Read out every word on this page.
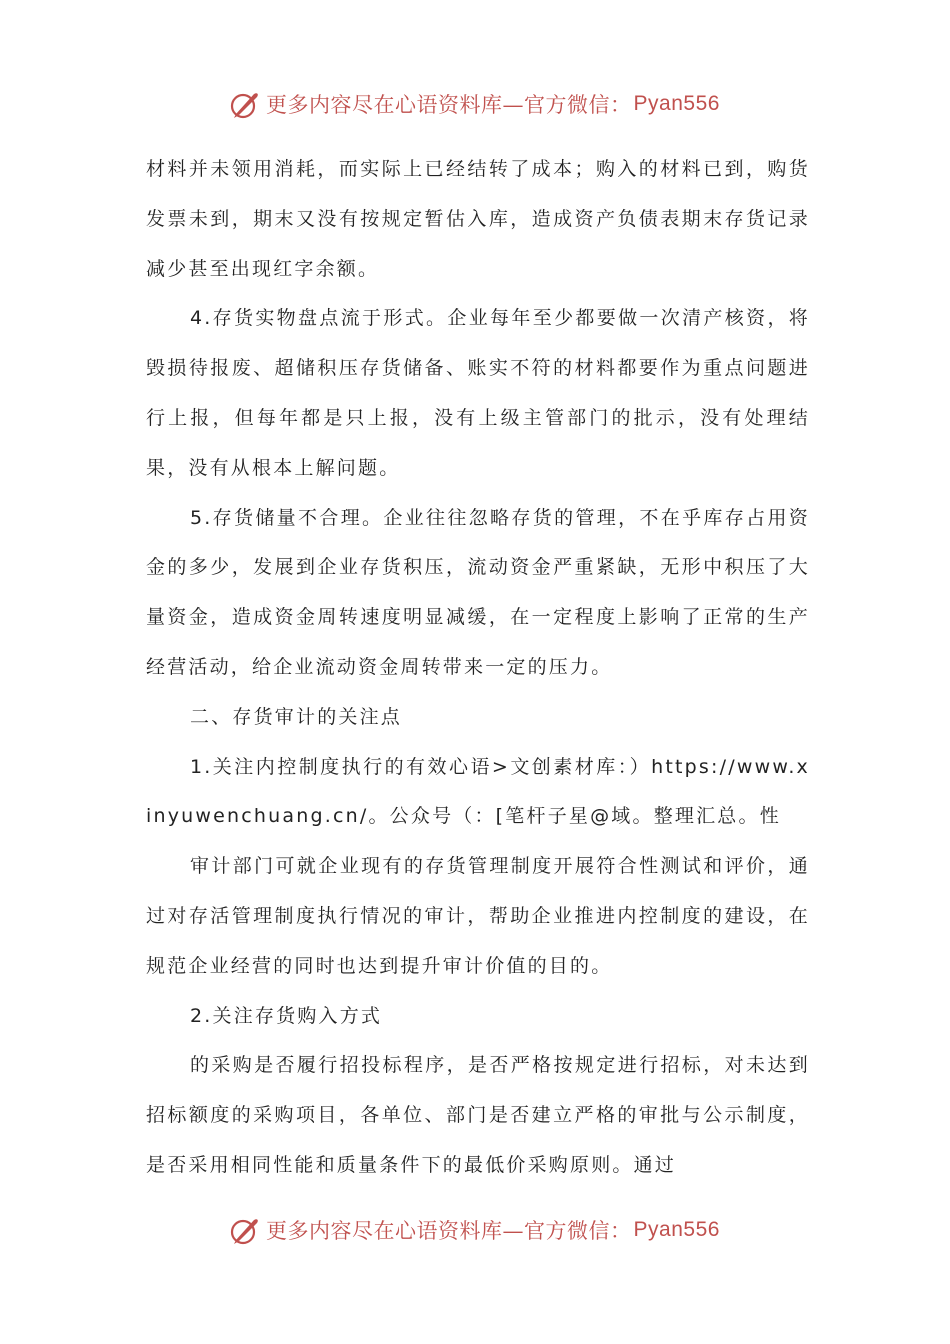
更多内容尽在心语资料库—官方微信： Pyan556

材料并未领用消耗，而实际上已经结转了成本；购入的材料已到，购货发票未到，期末又没有按规定暂估入库，造成资产负债表期末存货记录减少甚至出现红字余额。

4.存货实物盘点流于形式。企业每年至少都要做一次清产核资，将毁损待报废、超储积压存货储备、账实不符的材料都要作为重点问题进行上报，但每年都是只上报，没有上级主管部门的批示，没有处理结果，没有从根本上解问题。

5.存货储量不合理。企业往往忽略存货的管理，不在乎库存占用资金的多少，发展到企业存货积压，流动资金严重紧缺，无形中积压了大量资金，造成资金周转速度明显减缓，在一定程度上影响了正常的生产经营活动，给企业流动资金周转带来一定的压力。

二、存货审计的关注点

1.关注内控制度执行的有效心语>文创素材库：）https://www.xinyuwenchuang.cn/。公众号（：[笔杆子星@域。整理汇总。性

审计部门可就企业现有的存货管理制度开展符合性测试和评价，通过对存活管理制度执行情况的审计，帮助企业推进内控制度的建设，在规范企业经营的同时也达到提升审计价值的目的。

2.关注存货购入方式

的采购是否履行招投标程序，是否严格按规定进行招标，对未达到招标额度的采购项目，各单位、部门是否建立严格的审批与公示制度，是否采用相同性能和质量条件下的最低价采购原则。通过

更多内容尽在心语资料库—官方微信： Pyan556
